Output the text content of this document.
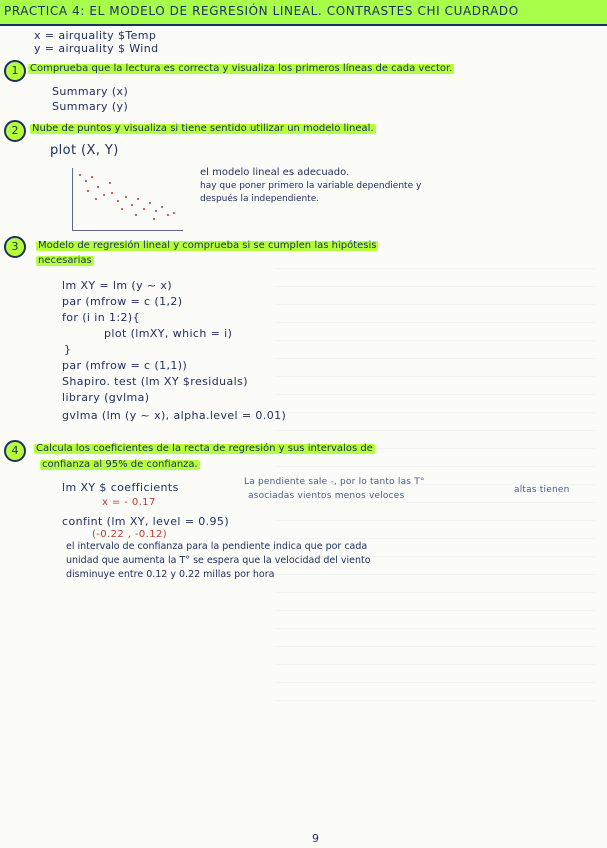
PRACTICA 4: EL MODELO DE REGRESIÓN LINEAL. CONTRASTES CHI CUADRADO
x = airquality $Temp
y = airquality $ Wind
1	Comprueba que la lectura es correcta y visualiza los primeros líneas de cada vector.
Summary (x)
Summary (y)
2	Nube de puntos y visualiza si tiene sentido utilizar un modelo lineal.
plot (X, Y)
el modelo lineal es adecuado.
hay que poner primero la variable dependiente y
después la independiente.
3	Modelo de regresión lineal y comprueba si se cumplen las hipótesis
necesarias
lm XY = lm (y ~ x)
par (mfrow = c (1,2)
for (i in 1:2){
plot (lmXY, which = i)
}
par (mfrow = c (1,1))
Shapiro. test (lm XY $residuals)
library (gvlma)
gvlma (lm (y ~ x), alpha.level = 0.01)
4	Calcula los coeficientes de la recta de regresión y sus intervalos de
confianza al 95% de confianza.
lm XY $ coefficients
x = - 0.17
La pendiente sale -, por lo tanto las T°
altas tienen
asociadas vientos menos veloces
confint (lm XY, level = 0.95)
(-0.22 , -0.12)
el intervalo de confianza para la pendiente indica que por cada
unidad que aumenta la T° se espera que la velocidad del viento
disminuye entre 0.12 y 0.22 millas por hora
9
